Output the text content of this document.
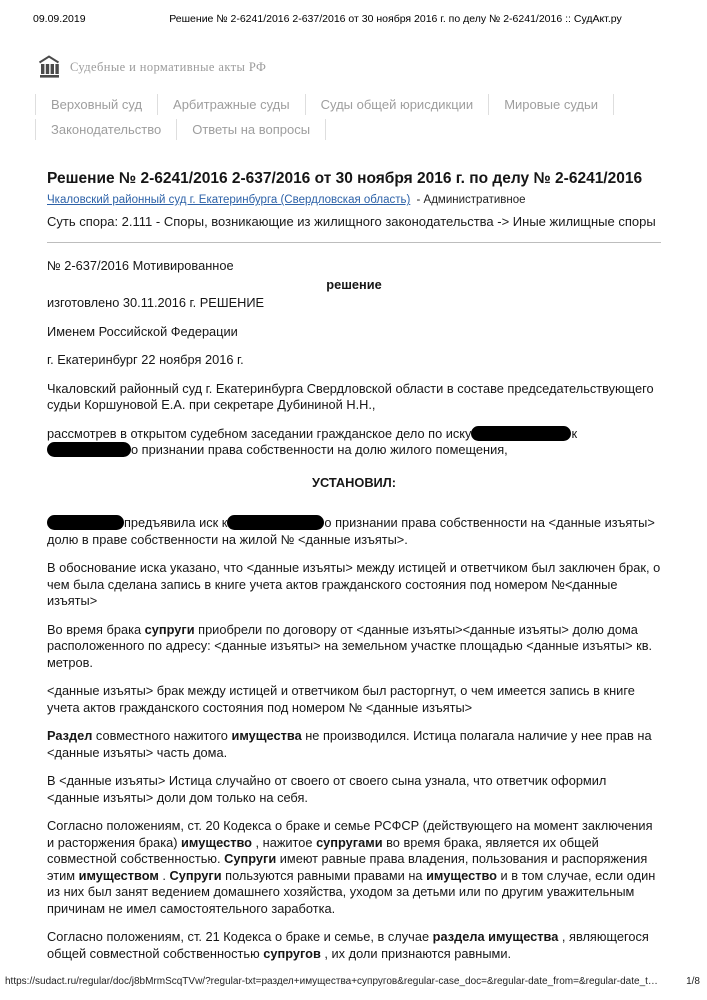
09.09.2019	Решение № 2-6241/2016 2-637/2016 от 30 ноября 2016 г. по делу № 2-6241/2016 :: СудАкт.ру
Судебные и нормативные акты РФ
Верховный суд	Арбитражные суды	Суды общей юрисдикции	Мировые судьи
Законодательство	Ответы на вопросы
Решение № 2-6241/2016 2-637/2016 от 30 ноября 2016 г. по делу № 2-6241/2016
Чкаловский районный суд г. Екатеринбурга (Свердловская область) - Административное
Суть спора: 2.111 - Споры, возникающие из жилищного законодательства -> Иные жилищные споры

№ 2-637/2016 Мотивированное

решение

изготовлено 30.11.2016 г. РЕШЕНИЕ

Именем Российской Федерации

г. Екатеринбург 22 ноября 2016 г.

Чкаловский районный суд г. Екатеринбурга Свердловской области в составе председательствующего судьи Коршуновой Е.А. при секретаре Дубининой Н.Н.,

рассмотрев в открытом судебном заседании гражданское дело по иску	ко признании права собственности на долю жилого помещения,

УСТАНОВИЛ:

предъявила иск к	о признании права собственности на <данные изъяты> долю в праве собственности на жилой № <данные изъяты>.

В обоснование иска указано, что <данные изъяты> между истицей и ответчиком был заключен брак, о чем была сделана запись в книге учета актов гражданского состояния под номером №<данные изъяты>

Во время брака супруги приобрели по договору от <данные изъяты><данные изъяты> долю дома расположенного по адресу: <данные изъяты> на земельном участке площадью <данные изъяты> кв. метров.

<данные изъяты> брак между истицей и ответчиком был расторгнут, о чем имеется запись в книге учета актов гражданского состояния под номером № <данные изъяты>

Раздел совместного нажитого имущества не производился. Истица полагала наличие у нее прав на <данные изъяты> часть дома.

В <данные изъяты> Истица случайно от своего от своего сына узнала, что ответчик оформил <данные изъяты> доли дом только на себя.

Согласно положениям, ст. 20 Кодекса о браке и семье РСФСР (действующего на момент заключения и расторжения брака) имущество , нажитое супругами во время брака, является их общей совместной собственностью. Супруги имеют равные права владения, пользования и распоряжения этим имуществом . Супруги пользуются равными правами на имущество и в том случае, если один из них был занят ведением домашнего хозяйства, уходом за детьми или по другим уважительным причинам не имел самостоятельного заработка.

Согласно положениям, ст. 21 Кодекса о браке и семье, в случае раздела имущества , являющегося общей совместной собственностью супругов , их доли признаются равными.

https://sudact.ru/regular/doc/j8bMrmScqTVw/?regular-txt=раздел+имущества+супругов&regular-case_doc=&regular-date_from=&regular-date_t…	1/8
